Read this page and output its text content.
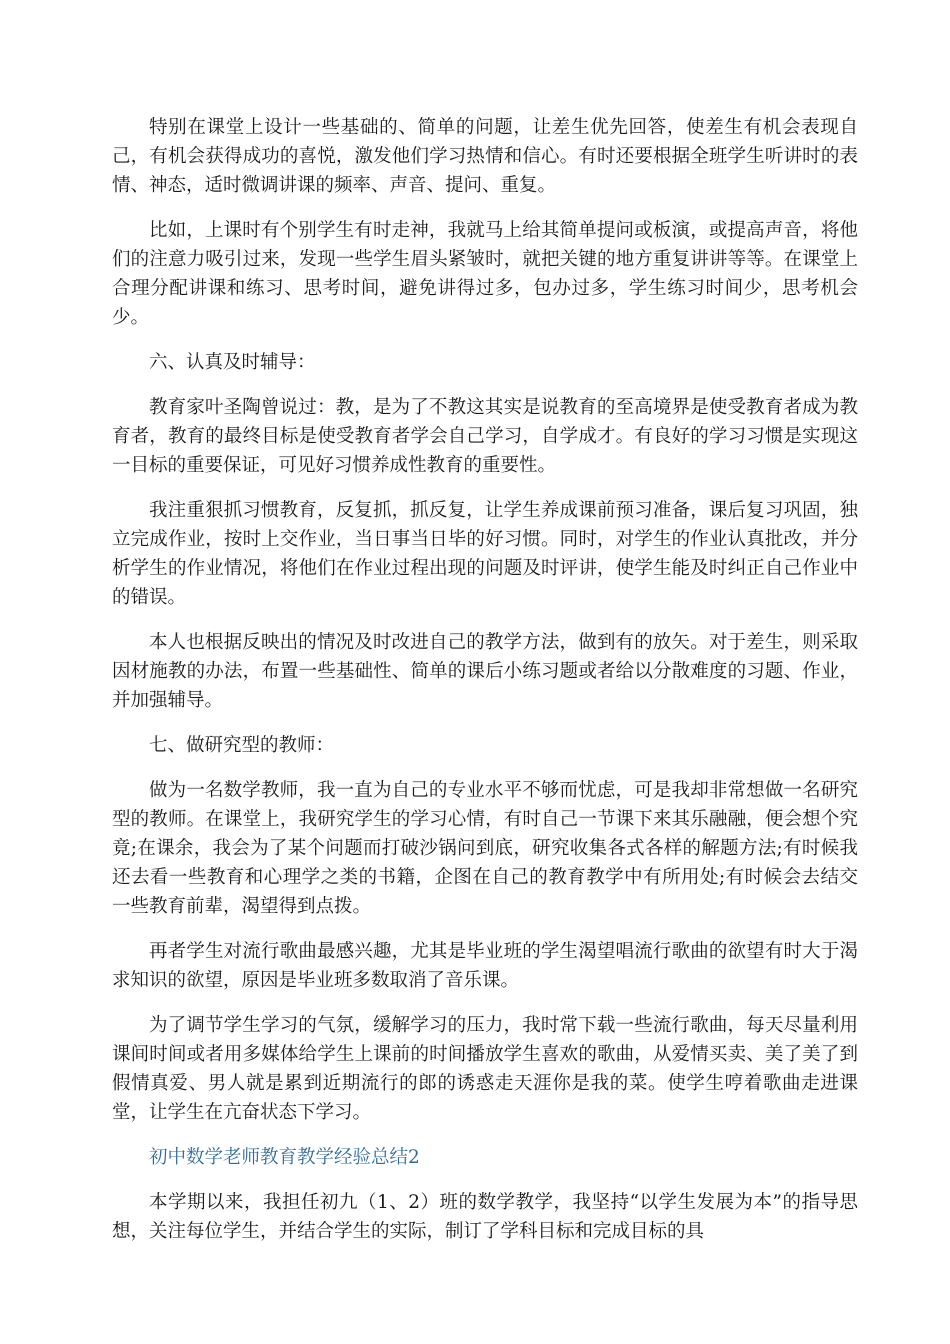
特别在课堂上设计一些基础的、简单的问题，让差生优先回答，使差生有机会表现自己，有机会获得成功的喜悦，激发他们学习热情和信心。有时还要根据全班学生听讲时的表情、神态，适时微调讲课的频率、声音、提问、重复。

比如，上课时有个别学生有时走神，我就马上给其简单提问或板演，或提高声音，将他们的注意力吸引过来，发现一些学生眉头紧皱时，就把关键的地方重复讲讲等等。在课堂上合理分配讲课和练习、思考时间，避免讲得过多，包办过多，学生练习时间少，思考机会少。

六、认真及时辅导：

教育家叶圣陶曾说过：教，是为了不教这其实是说教育的至高境界是使受教育者成为教育者，教育的最终目标是使受教育者学会自己学习，自学成才。有良好的学习习惯是实现这一目标的重要保证，可见好习惯养成性教育的重要性。

我注重狠抓习惯教育，反复抓，抓反复，让学生养成课前预习准备，课后复习巩固，独立完成作业，按时上交作业，当日事当日毕的好习惯。同时，对学生的作业认真批改，并分析学生的作业情况，将他们在作业过程出现的问题及时评讲，使学生能及时纠正自己作业中的错误。

本人也根据反映出的情况及时改进自己的教学方法，做到有的放矢。对于差生，则采取因材施教的办法，布置一些基础性、简单的课后小练习题或者给以分散难度的习题、作业，并加强辅导。

七、做研究型的教师：

做为一名数学教师，我一直为自己的专业水平不够而忧虑，可是我却非常想做一名研究型的教师。在课堂上，我研究学生的学习心情，有时自己一节课下来其乐融融，便会想个究竟;在课余，我会为了某个问题而打破沙锅问到底，研究收集各式各样的解题方法;有时候我还去看一些教育和心理学之类的书籍，企图在自己的教育教学中有所用处;有时候会去结交一些教育前辈，渴望得到点拨。

再者学生对流行歌曲最感兴趣，尤其是毕业班的学生渴望唱流行歌曲的欲望有时大于渴求知识的欲望，原因是毕业班多数取消了音乐课。

为了调节学生学习的气氛，缓解学习的压力，我时常下载一些流行歌曲，每天尽量利用课间时间或者用多媒体给学生上课前的时间播放学生喜欢的歌曲，从爱情买卖、美了美了到假情真爱、男人就是累到近期流行的郎的诱惑走天涯你是我的菜。使学生哼着歌曲走进课堂，让学生在亢奋状态下学习。

初中数学老师教育教学经验总结2

本学期以来，我担任初九（1、2）班的数学教学，我坚持“以学生发展为本”的指导思想，关注每位学生，并结合学生的实际，制订了学科目标和完成目标的具
